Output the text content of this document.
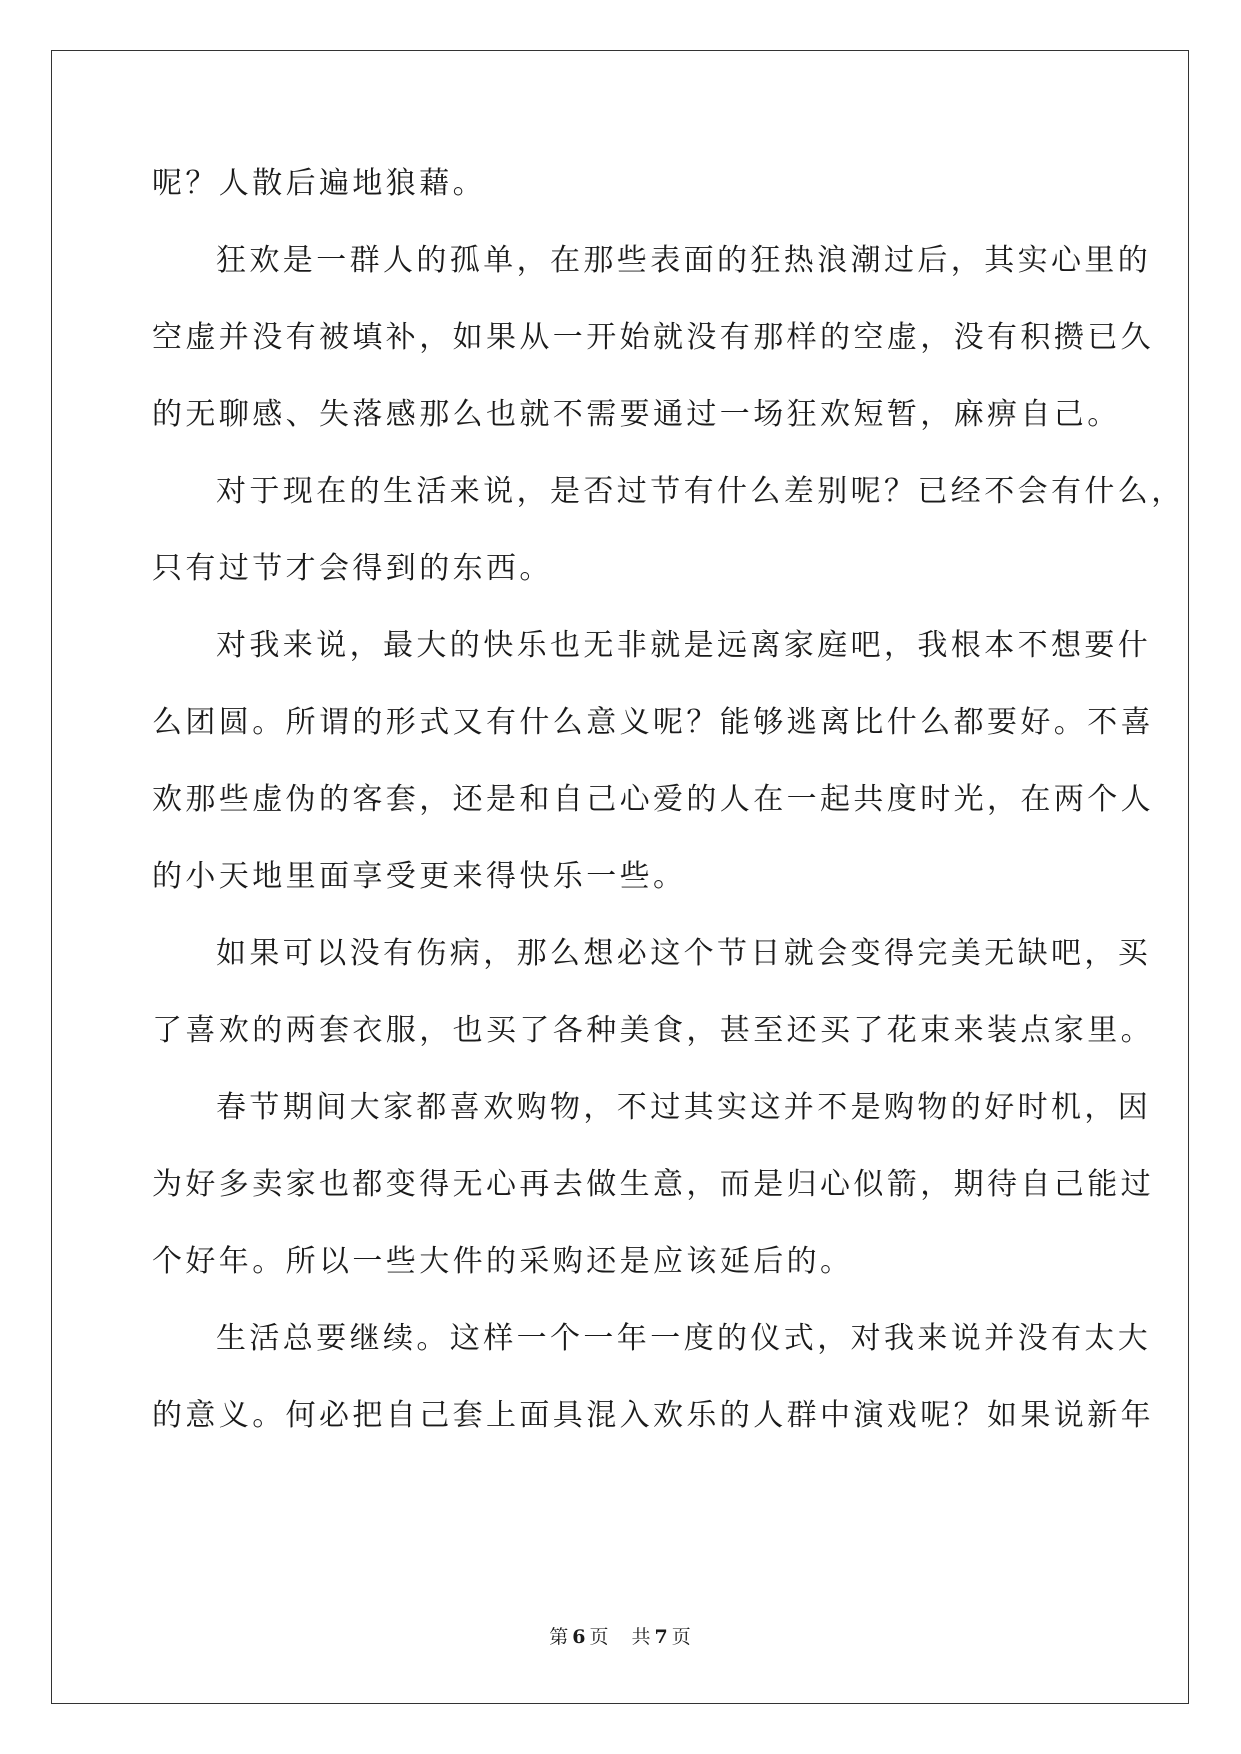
呢？人散后遍地狼藉。
狂欢是一群人的孤单，在那些表面的狂热浪潮过后，其实心里的
空虚并没有被填补，如果从一开始就没有那样的空虚，没有积攒已久
的无聊感、失落感那么也就不需要通过一场狂欢短暂，麻痹自己。
对于现在的生活来说，是否过节有什么差别呢？已经不会有什么，
只有过节才会得到的东西。
对我来说，最大的快乐也无非就是远离家庭吧，我根本不想要什
么团圆。所谓的形式又有什么意义呢？能够逃离比什么都要好。不喜
欢那些虚伪的客套，还是和自己心爱的人在一起共度时光，在两个人
的小天地里面享受更来得快乐一些。
如果可以没有伤病，那么想必这个节日就会变得完美无缺吧，买
了喜欢的两套衣服，也买了各种美食，甚至还买了花束来装点家里。
春节期间大家都喜欢购物，不过其实这并不是购物的好时机，因
为好多卖家也都变得无心再去做生意，而是归心似箭，期待自己能过
个好年。所以一些大件的采购还是应该延后的。
生活总要继续。这样一个一年一度的仪式，对我来说并没有太大
的意义。何必把自己套上面具混入欢乐的人群中演戏呢？如果说新年
第 6 页 共 7 页
